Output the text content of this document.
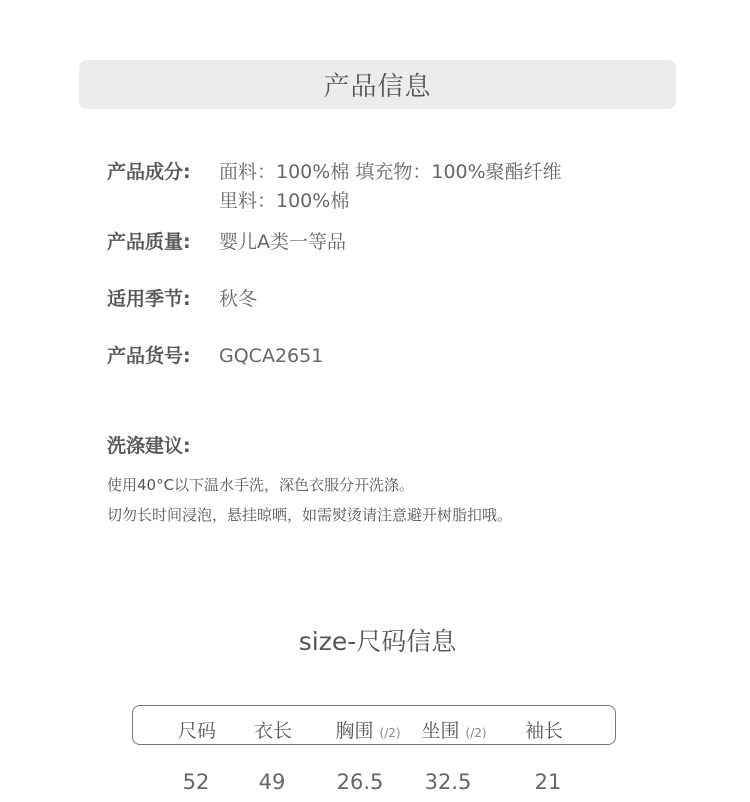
产品信息
产品成分:	面料：100%棉 填充物：100%聚酯纤维
里料：100%棉
产品质量:	婴儿A类一等品
适用季节:	秋冬
产品货号:	GQCA2651
洗涤建议:
使用40°C以下温水手洗，深色衣服分开洗涤。
切勿长时间浸泡，悬挂晾晒，如需熨烫请注意避开树脂扣哦。
size-尺码信息
尺码 衣长 胸围 (/2) 坐围 (/2) 袖长
52 49 26.5 32.5	21
